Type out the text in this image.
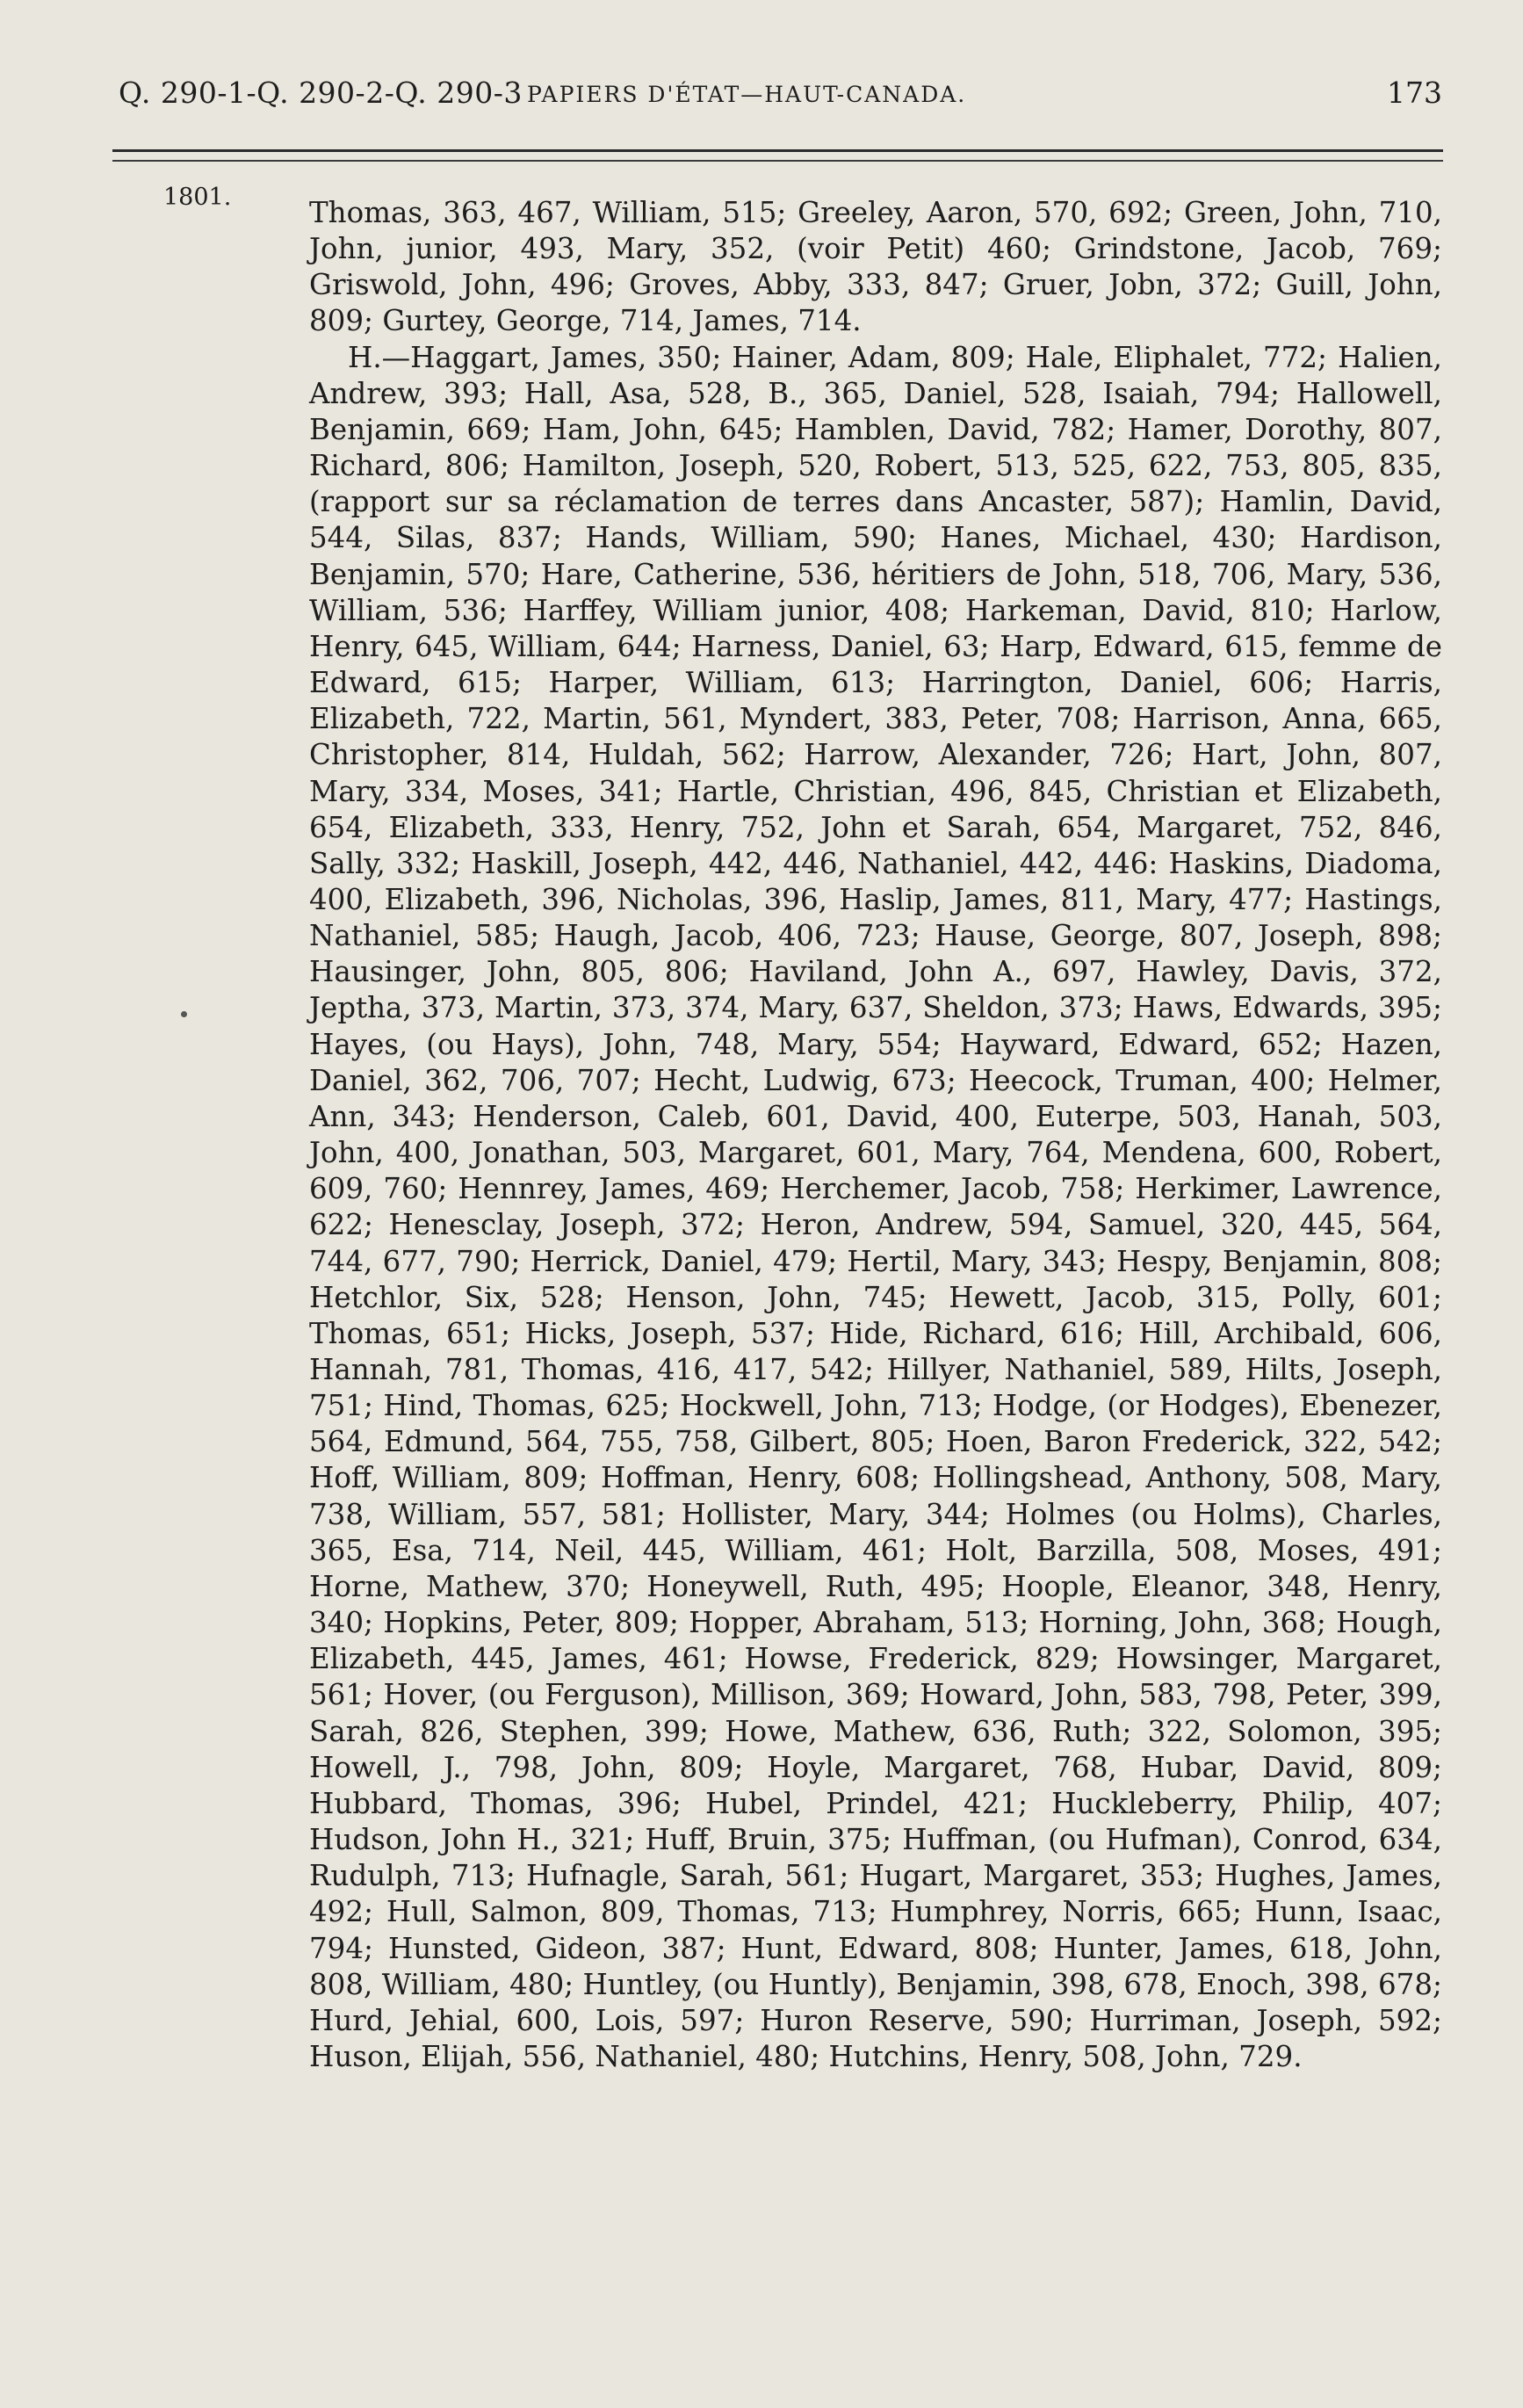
Q. 290-1-Q. 290-2-Q. 290-3 PAPIERS D'ÉTAT—HAUT-CANADA.	173
1801.	Thomas, 363, 467, William, 515; Greeley, Aaron, 570, 692; Green, John, 710, John, junior, 493, Mary, 352, (voir Petit) 460; Grindstone, Jacob, 769; Griswold, John, 496; Groves, Abby, 333, 847; Gruer, Jobn, 372; Guill, John, 809; Gurtey, George, 714, James, 714.

H.—Haggart, James, 350; Hainer, Adam, 809; Hale, Eliphalet, 772; Halien, Andrew, 393; Hall, Asa, 528, B., 365, Daniel, 528, Isaiah, 794; Hallowell, Benjamin, 669; Ham, John, 645; Hamblen, David, 782; Hamer, Dorothy, 807, Richard, 806; Hamilton, Joseph, 520, Robert, 513, 525, 622, 753, 805, 835, (rapport sur sa réclamation de terres dans Ancaster, 587); Hamlin, David, 544, Silas, 837; Hands, William, 590; Hanes, Michael, 430; Hardison, Benjamin, 570; Hare, Catherine, 536, héritiers de John, 518, 706, Mary, 536, William, 536; Harffey, William junior, 408; Harkeman, David, 810; Harlow, Henry, 645, William, 644; Harness, Daniel, 63; Harp, Edward, 615, femme de Edward, 615; Harper, William, 613; Harrington, Daniel, 606; Harris, Elizabeth, 722, Martin, 561, Myndert, 383, Peter, 708; Harrison, Anna, 665, Christopher, 814, Huldah, 562; Harrow, Alexander, 726; Hart, John, 807, Mary, 334, Moses, 341; Hartle, Christian, 496, 845, Christian et Elizabeth, 654, Elizabeth, 333, Henry, 752, John et Sarah, 654, Margaret, 752, 846, Sally, 332; Haskill, Joseph, 442, 446, Nathaniel, 442, 446: Haskins, Diadoma, 400, Elizabeth, 396, Nicholas, 396, Haslip, James, 811, Mary, 477; Hastings, Nathaniel, 585; Haugh, Jacob, 406, 723; Hause, George, 807, Joseph, 898; Hausinger, John, 805, 806; Haviland, John A., 697, Hawley, Davis, 372, Jeptha, 373, Martin, 373, 374, Mary, 637, Sheldon, 373; Haws, Edwards, 395; Hayes, (ou Hays), John, 748, Mary, 554; Hayward, Edward, 652; Hazen, Daniel, 362, 706, 707; Hecht, Ludwig, 673; Heecock, Truman, 400; Helmer, Ann, 343; Henderson, Caleb, 601, David, 400, Euterpe, 503, Hanah, 503, John, 400, Jonathan, 503, Margaret, 601, Mary, 764, Mendena, 600, Robert, 609, 760; Hennrey, James, 469; Herchemer, Jacob, 758; Herkimer, Lawrence, 622; Henesclay, Joseph, 372; Heron, Andrew, 594, Samuel, 320, 445, 564, 744, 677, 790; Herrick, Daniel, 479; Hertil, Mary, 343; Hespy, Benjamin, 808; Hetchlor, Six, 528; Henson, John, 745; Hewett, Jacob, 315, Polly, 601; Thomas, 651; Hicks, Joseph, 537; Hide, Richard, 616; Hill, Archibald, 606, Hannah, 781, Thomas, 416, 417, 542; Hillyer, Nathaniel, 589, Hilts, Joseph, 751; Hind, Thomas, 625; Hockwell, John, 713; Hodge, (or Hodges), Ebenezer, 564, Edmund, 564, 755, 758, Gilbert, 805; Hoen, Baron Frederick, 322, 542; Hoff, William, 809; Hoffman, Henry, 608; Hollingshead, Anthony, 508, Mary, 738, William, 557, 581; Hollister, Mary, 344; Holmes (ou Holms), Charles, 365, Esa, 714, Neil, 445, William, 461; Holt, Barzilla, 508, Moses, 491; Horne, Mathew, 370; Honeywell, Ruth, 495; Hoople, Eleanor, 348, Henry, 340; Hopkins, Peter, 809; Hopper, Abraham, 513; Horning, John, 368; Hough, Elizabeth, 445, James, 461; Howse, Frederick, 829; Howsinger, Margaret, 561; Hover, (ou Ferguson), Millison, 369; Howard, John, 583, 798, Peter, 399, Sarah, 826, Stephen, 399; Howe, Mathew, 636, Ruth; 322, Solomon, 395; Howell, J., 798, John, 809; Hoyle, Margaret, 768, Hubar, David, 809; Hubbard, Thomas, 396; Hubel, Prindel, 421; Huckleberry, Philip, 407; Hudson, John H., 321; Huff, Bruin, 375; Huffman, (ou Hufman), Conrod, 634, Rudulph, 713; Hufnagle, Sarah, 561; Hugart, Margaret, 353; Hughes, James, 492; Hull, Salmon, 809, Thomas, 713; Humphrey, Norris, 665; Hunn, Isaac, 794; Hunsted, Gideon, 387; Hunt, Edward, 808; Hunter, James, 618, John, 808, William, 480; Huntley, (ou Huntly), Benjamin, 398, 678, Enoch, 398, 678; Hurd, Jehial, 600, Lois, 597; Huron Reserve, 590; Hurriman, Joseph, 592; Huson, Elijah, 556, Nathaniel, 480; Hutchins, Henry, 508, John, 729.
